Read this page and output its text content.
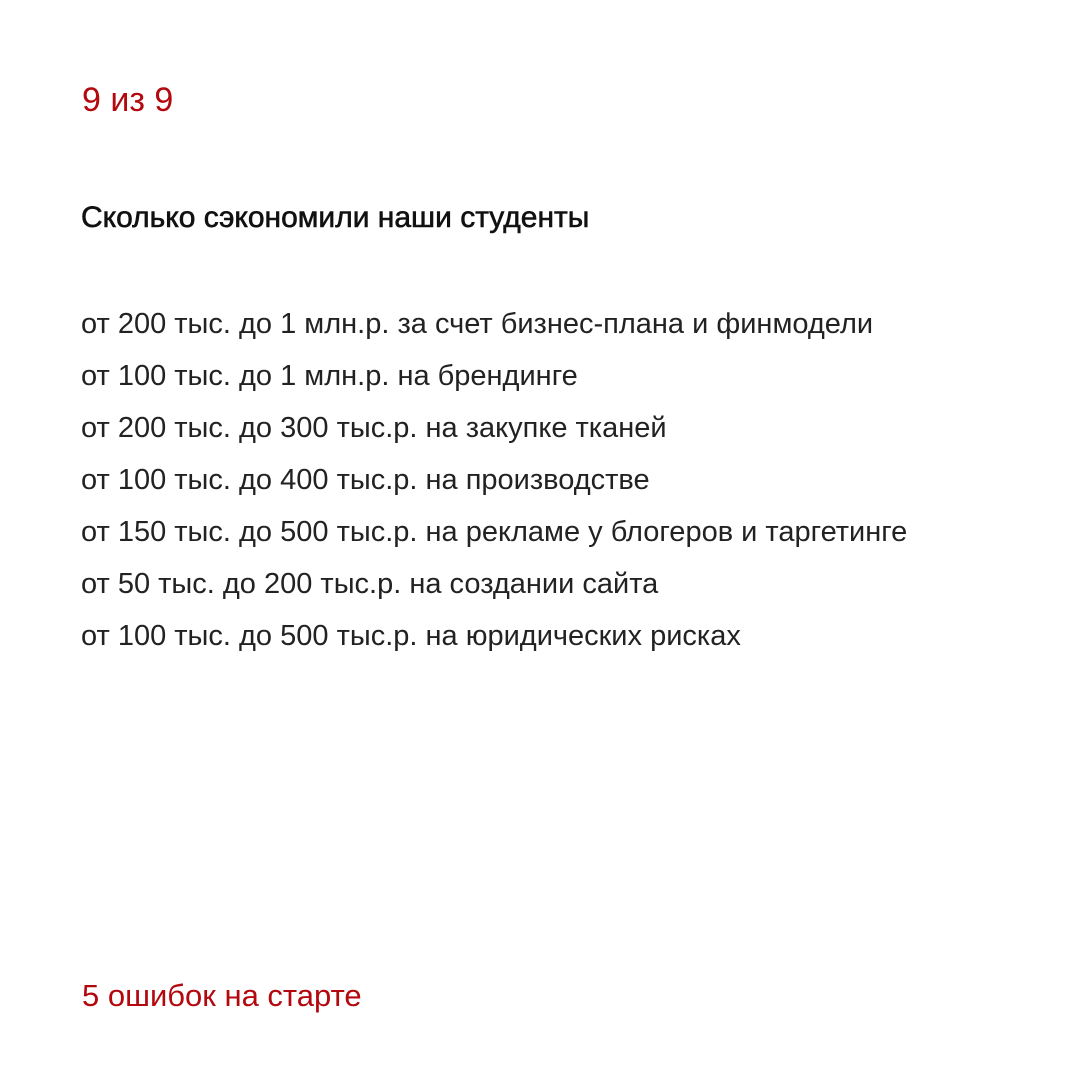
9 из 9
Сколько сэкономили наши студенты
от 200 тыс. до 1 млн.р. за счет бизнес-плана и финмодели
от 100 тыс. до 1 млн.р. на брендинге
от 200 тыс. до 300 тыс.р. на закупке тканей
от 100 тыс. до 400 тыс.р. на производстве
от 150 тыс. до 500 тыс.р. на рекламе у блогеров и таргетинге
от 50 тыс. до 200 тыс.р. на создании сайта
от 100 тыс. до 500 тыс.р. на юридических рисках
5 ошибок на старте
